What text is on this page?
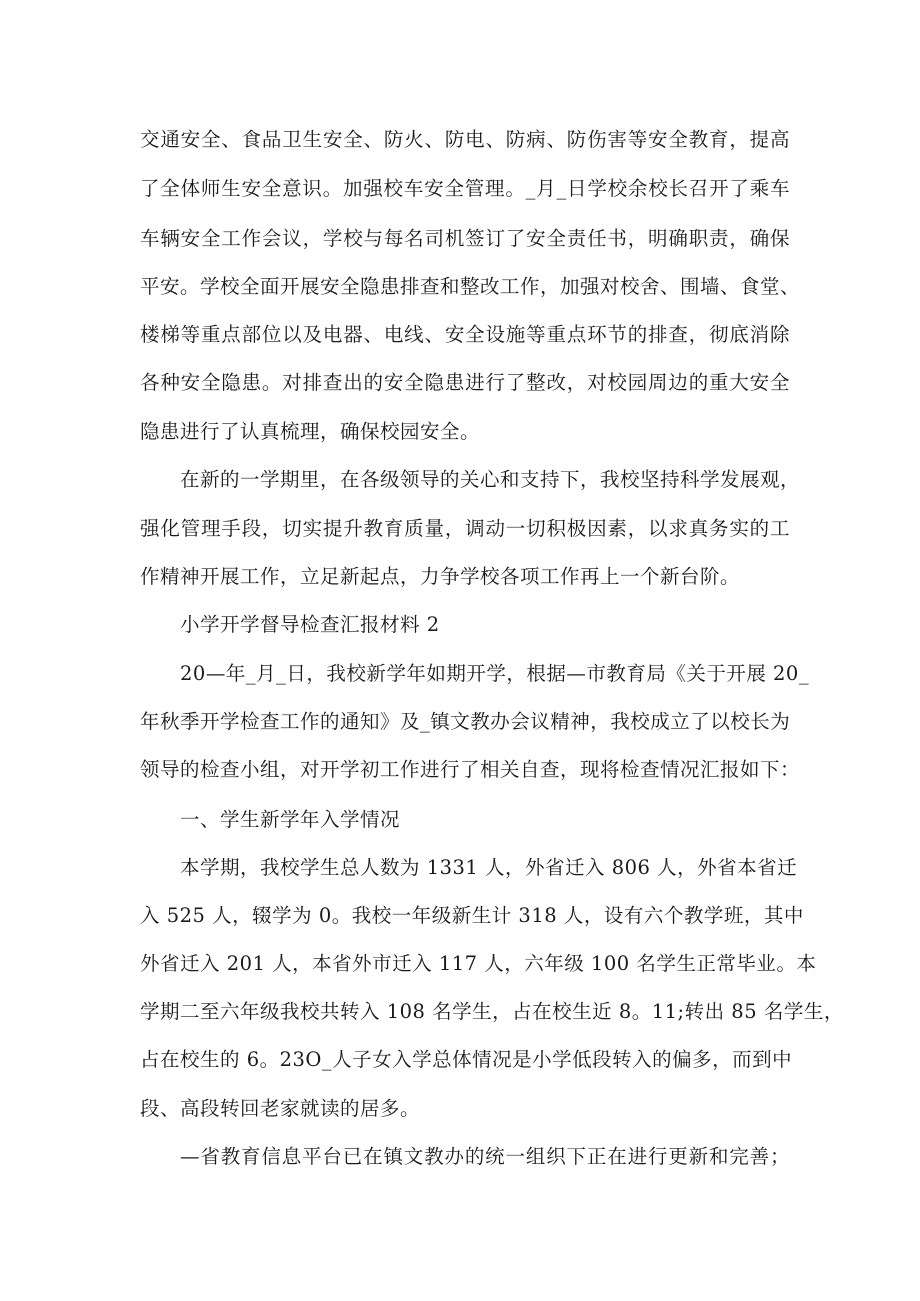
交通安全、食品卫生安全、防火、防电、防病、防伤害等安全教育，提高
了全体师生安全意识。加强校车安全管理。_月_日学校余校长召开了乘车
车辆安全工作会议，学校与每名司机签订了安全责任书，明确职责，确保
平安。学校全面开展安全隐患排查和整改工作，加强对校舍、围墙、食堂、
楼梯等重点部位以及电器、电线、安全设施等重点环节的排查，彻底消除
各种安全隐患。对排查出的安全隐患进行了整改，对校园周边的重大安全
隐患进行了认真梳理，确保校园安全。
在新的一学期里，在各级领导的关心和支持下，我校坚持科学发展观，
强化管理手段，切实提升教育质量，调动一切积极因素，以求真务实的工
作精神开展工作，立足新起点，力争学校各项工作再上一个新台阶。
小学开学督导检查汇报材料 2
20—年_月_日，我校新学年如期开学，根据—市教育局《关于开展 20_
年秋季开学检查工作的通知》及_镇文教办会议精神，我校成立了以校长为
领导的检查小组，对开学初工作进行了相关自查，现将检查情况汇报如下：
一、学生新学年入学情况
本学期，我校学生总人数为 1331 人，外省迁入 806 人，外省本省迁
入 525 人，辍学为 0。我校一年级新生计 318 人，设有六个教学班，其中
外省迁入 201 人，本省外市迁入 117 人，六年级 100 名学生正常毕业。本
学期二至六年级我校共转入 108 名学生，占在校生近 8。11;转出 85 名学生，
占在校生的 6。23O_人子女入学总体情况是小学低段转入的偏多，而到中
段、高段转回老家就读的居多。
—省教育信息平台已在镇文教办的统一组织下正在进行更新和完善；
